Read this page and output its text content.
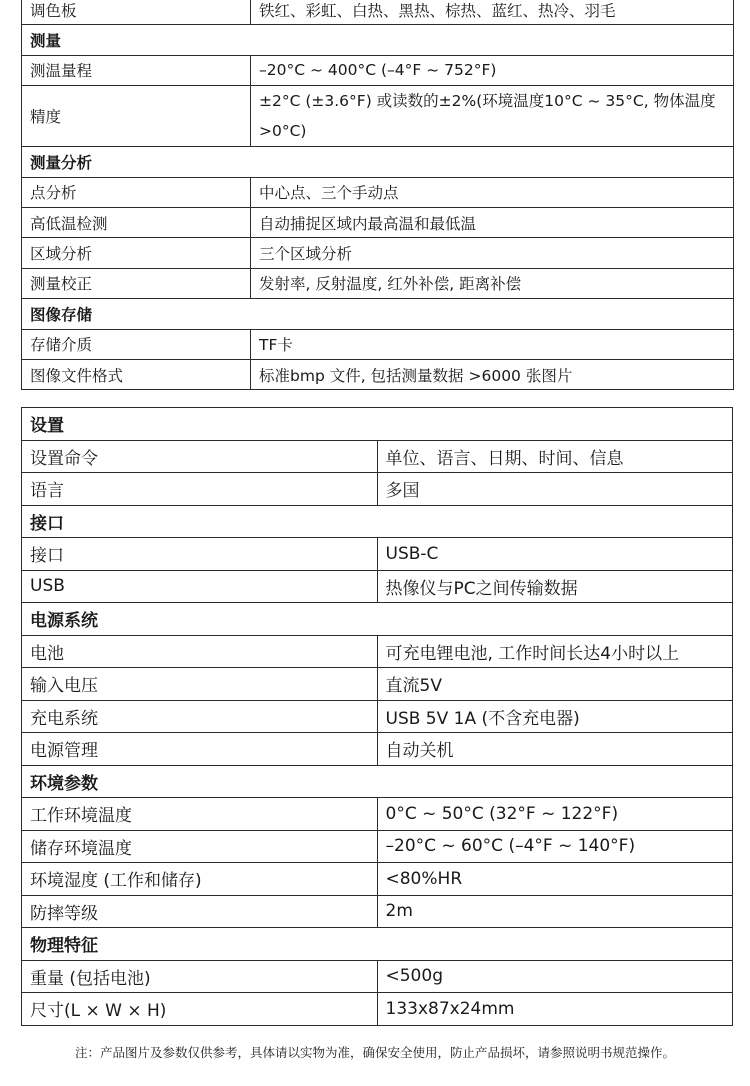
调色板	铁红、彩虹、白热、黑热、棕热、蓝红、热冷、羽毛
测量	
测温量程	–20°C ~ 400°C (–4°F ~ 752°F)
精度	±2°C (±3.6°F) 或读数的±2%(环境温度10°C ~ 35°C, 物体温度 >0°C)
测量分析	
点分析	中心点、三个手动点
高低温检测	自动捕捉区域内最高温和最低温
区域分析	三个区域分析
测量校正	发射率, 反射温度, 红外补偿, 距离补偿
图像存储	
存储介质	TF卡
图像文件格式	标准bmp 文件, 包括测量数据 >6000 张图片
设置	
设置命令	单位、语言、日期、时间、信息
语言	多国
接口	
接口	USB-C
USB	热像仪与PC之间传输数据
电源系统	
电池	可充电锂电池, 工作时间长达4小时以上
输入电压	直流5V
充电系统	USB 5V 1A (不含充电器)
电源管理	自动关机
环境参数	
工作环境温度	0°C ~ 50°C (32°F ~ 122°F)
储存环境温度	–20°C ~ 60°C (–4°F ~ 140°F)
环境湿度 (工作和储存)	<80%HR
防摔等级	2m
物理特征	
重量 (包括电池)	<500g
尺寸(L × W × H)	133x87x24mm
注：产品图片及参数仅供参考，具体请以实物为准，确保安全使用，防止产品损坏，请参照说明书规范操作。
